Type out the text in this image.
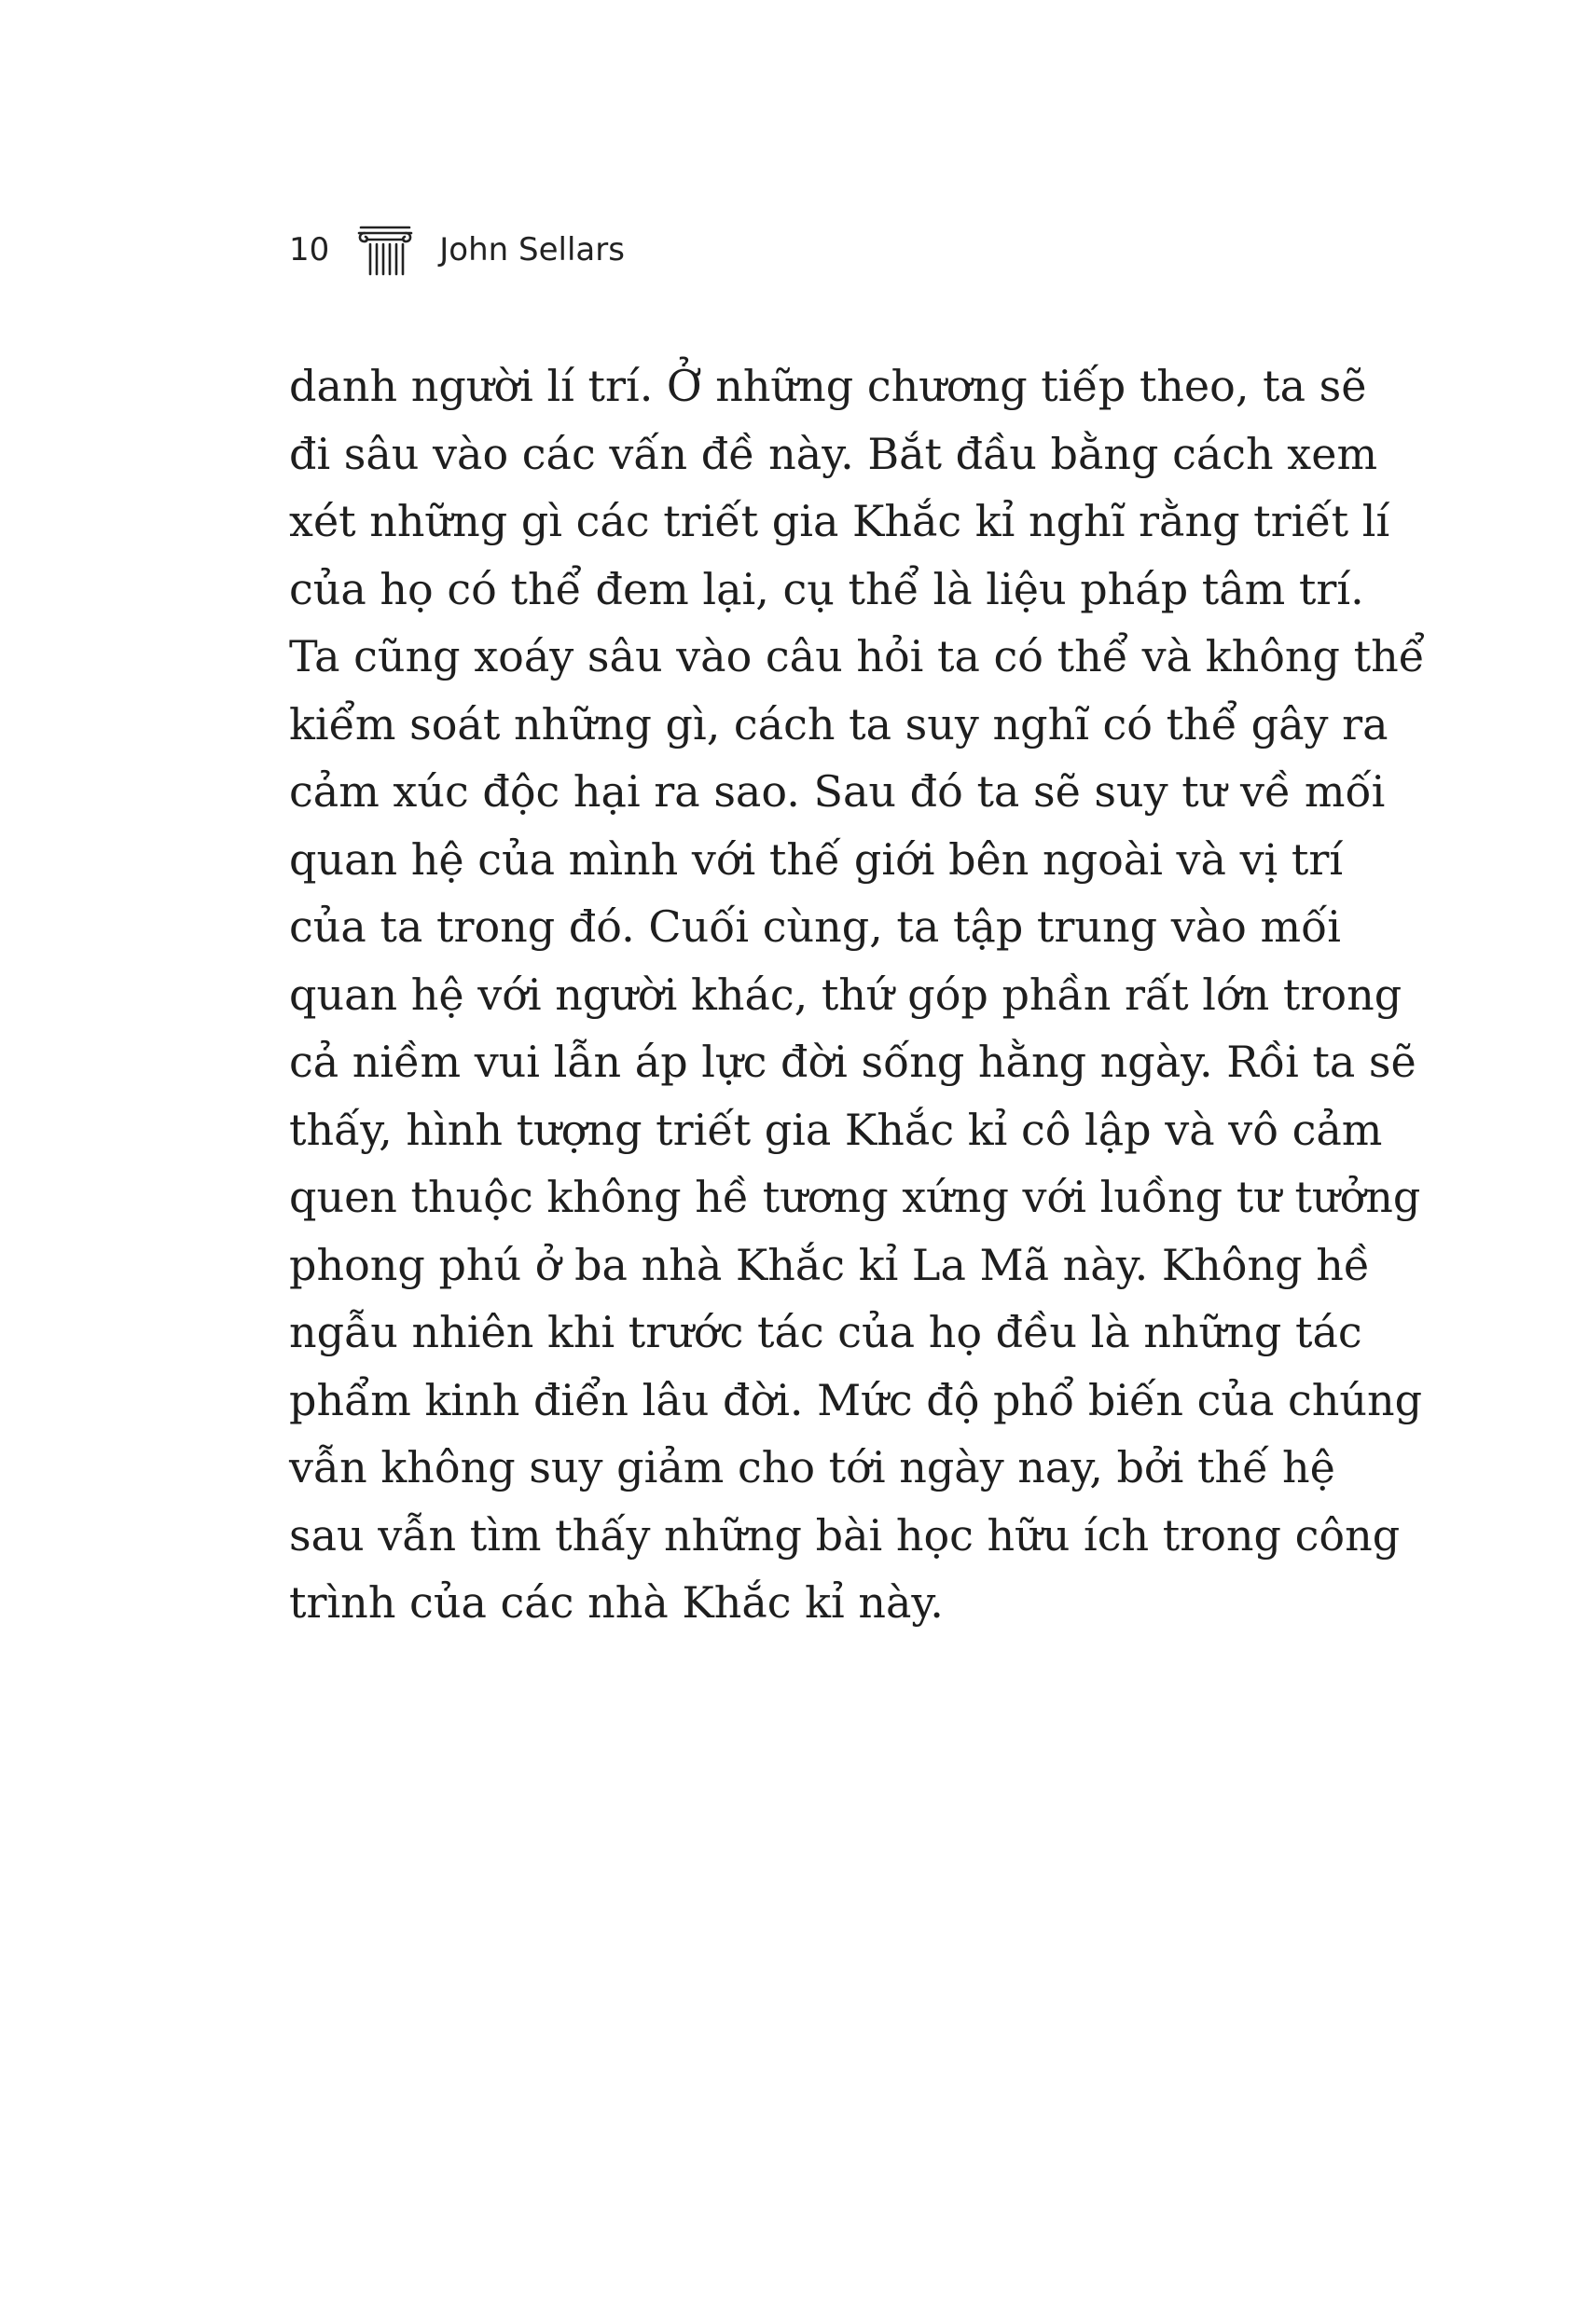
10	John Sellars
danh người lí trí. Ở những chương tiếp theo, ta sẽ
đi sâu vào các vấn đề này. Bắt đầu bằng cách xem
xét những gì các triết gia Khắc kỉ nghĩ rằng triết lí
của họ có thể đem lại, cụ thể là liệu pháp tâm trí.
Ta cũng xoáy sâu vào câu hỏi ta có thể và không thể
kiểm soát những gì, cách ta suy nghĩ có thể gây ra
cảm xúc độc hại ra sao. Sau đó ta sẽ suy tư về mối
quan hệ của mình với thế giới bên ngoài và vị trí
của ta trong đó. Cuối cùng, ta tập trung vào mối
quan hệ với người khác, thứ góp phần rất lớn trong
cả niềm vui lẫn áp lực đời sống hằng ngày. Rồi ta sẽ
thấy, hình tượng triết gia Khắc kỉ cô lập và vô cảm
quen thuộc không hề tương xứng với luồng tư tưởng
phong phú ở ba nhà Khắc kỉ La Mã này. Không hề
ngẫu nhiên khi trước tác của họ đều là những tác
phẩm kinh điển lâu đời. Mức độ phổ biến của chúng
vẫn không suy giảm cho tới ngày nay, bởi thế hệ
sau vẫn tìm thấy những bài học hữu ích trong công
trình của các nhà Khắc kỉ này.
